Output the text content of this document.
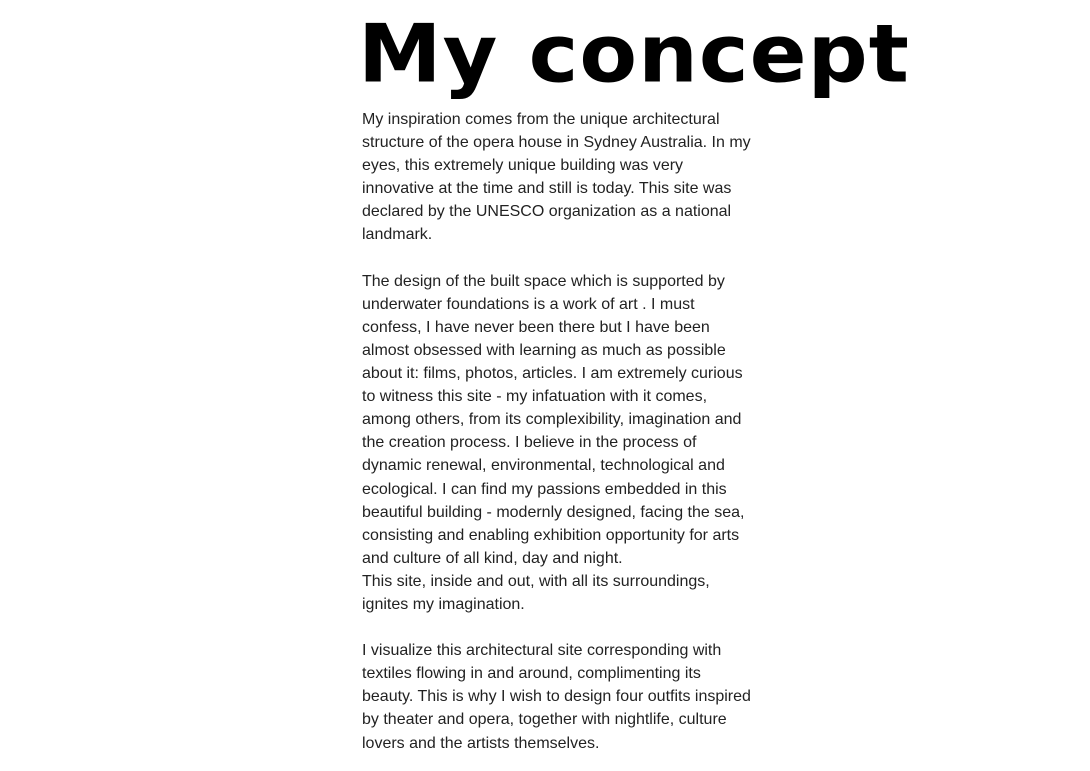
My concept

My inspiration comes from the unique architectural
structure of the opera house in Sydney Australia. In my
eyes, this extremely unique building was very
innovative at the time and still is today. This site was
declared by the UNESCO organization as a national
landmark.

The design of the built space which is supported by
underwater foundations is a work of art . I must
confess, I have never been there but I have been
almost obsessed with learning as much as possible
about it: films, photos, articles. I am extremely curious
to witness this site - my infatuation with it comes,
among others, from its complexibility, imagination and
the creation process. I believe in the process of
dynamic renewal, environmental, technological and
ecological. I can find my passions embedded in this
beautiful building - modernly designed, facing the sea,
consisting and enabling exhibition opportunity for arts
and culture of all kind, day and night.

This site, inside and out, with all its surroundings,
ignites my imagination.

I visualize this architectural site corresponding with
textiles flowing in and around, complimenting its
beauty. This is why I wish to design four outfits inspired
by theater and opera, together with nightlife, culture
lovers and the artists themselves.
